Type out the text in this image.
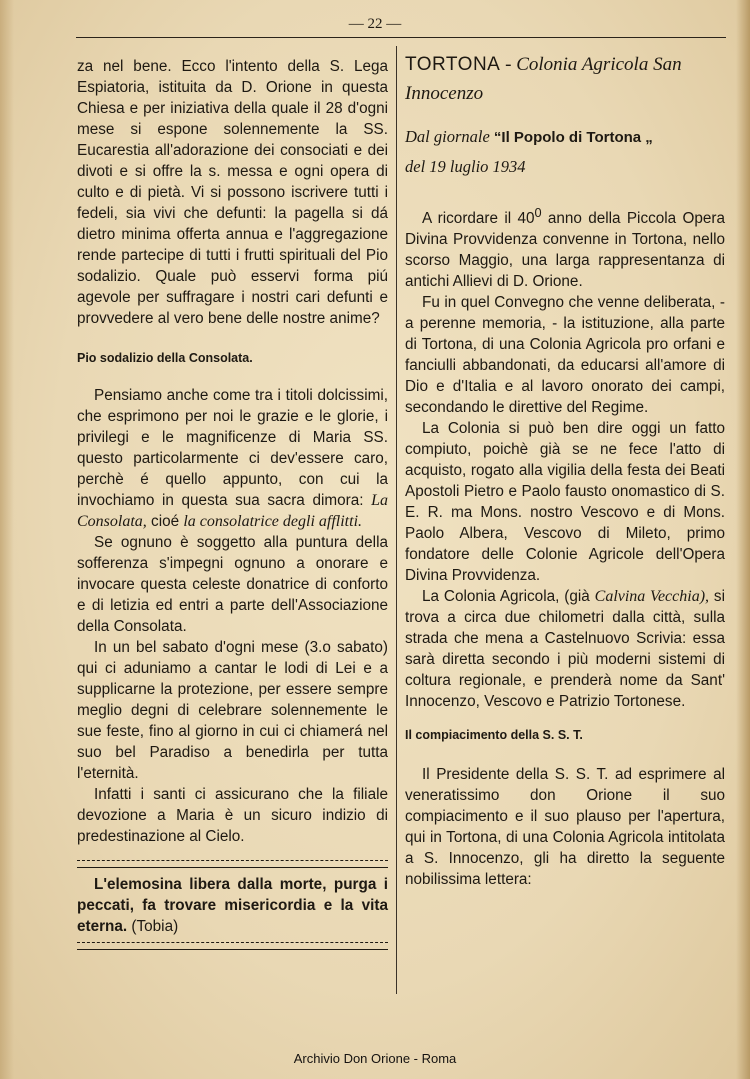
— 22 —

za nel bene. Ecco l'intento della S. Lega Espiatoria, istituita da D. Orione in questa Chiesa e per iniziativa della quale il 28 d'ogni mese si espone solennemente la SS. Eucarestia all'adorazione dei consociati e dei divoti e si offre la s. messa e ogni opera di culto e di pietà. Vi si possono iscrivere tutti i fedeli, sia vivi che defunti: la pagella si dá dietro minima offerta annua e l'aggregazione rende partecipe di tutti i frutti spirituali del Pio sodalizio. Quale può esservi forma piú agevole per suffragare i nostri cari defunti e provvedere al vero bene delle nostre anime?

Pio sodalizio della Consolata.

Pensiamo anche come tra i titoli dolcissimi, che esprimono per noi le grazie e le glorie, i privilegi e le magnificenze di Maria SS. questo particolarmente ci dev'essere caro, perchè é quello appunto, con cui la invochiamo in questa sua sacra dimora: La Consolata, cioé la consolatrice degli afflitti.

Se ognuno è soggetto alla puntura della sofferenza s'impegni ognuno a onorare e invocare questa celeste donatrice di conforto e di letizia ed entri a parte dell'Associazione della Consolata.

In un bel sabato d'ogni mese (3.o sabato) qui ci aduniamo a cantar le lodi di Lei e a supplicarne la protezione, per essere sempre meglio degni di celebrare solennemente le sue feste, fino al giorno in cui ci chiamerá nel suo bel Paradiso a benedirla per tutta l'eternità.

Infatti i santi ci assicurano che la filiale devozione a Maria è un sicuro indizio di predestinazione al Cielo.

L'elemosina libera dalla morte, purga i peccati, fa trovare misericordia e la vita eterna. (Tobia)

TORTONA - Colonia Agricola San Innocenzo
Dal giornale “Il Popolo di Tortona „
del 19 luglio 1934

A ricordare il $40^0$ anno della Piccola Opera Divina Provvidenza convenne in Tortona, nello scorso Maggio, una larga rappresentanza di antichi Allievi di D. Orione.

Fu in quel Convegno che venne deliberata, - a perenne memoria, - la istituzione, alla parte di Tortona, di una Colonia Agricola pro orfani e fanciulli abbandonati, da educarsi all'amore di Dio e d'Italia e al lavoro onorato dei campi, secondando le direttive del Regime.

La Colonia si può ben dire oggi un fatto compiuto, poichè già se ne fece l'atto di acquisto, rogato alla vigilia della festa dei Beati Apostoli Pietro e Paolo fausto onomastico di S. E. R. ma Mons. nostro Vescovo e di Mons. Paolo Albera, Vescovo di Mileto, primo fondatore delle Colonie Agricole dell'Opera Divina Provvidenza.

La Colonia Agricola, (già Calvina Vecchia), si trova a circa due chilometri dalla città, sulla strada che mena a Castelnuovo Scrivia: essa sarà diretta secondo i più moderni sistemi di coltura regionale, e prenderà nome da Sant' Innocenzo, Vescovo e Patrizio Tortonese.

Il compiacimento della S. S. T.

Il Presidente della S. S. T. ad esprimere al veneratissimo don Orione il suo compiacimento e il suo plauso per l'apertura, qui in Tortona, di una Colonia Agricola intitolata a S. Innocenzo, gli ha diretto la seguente nobilissima lettera:

Archivio Don Orione - Roma
